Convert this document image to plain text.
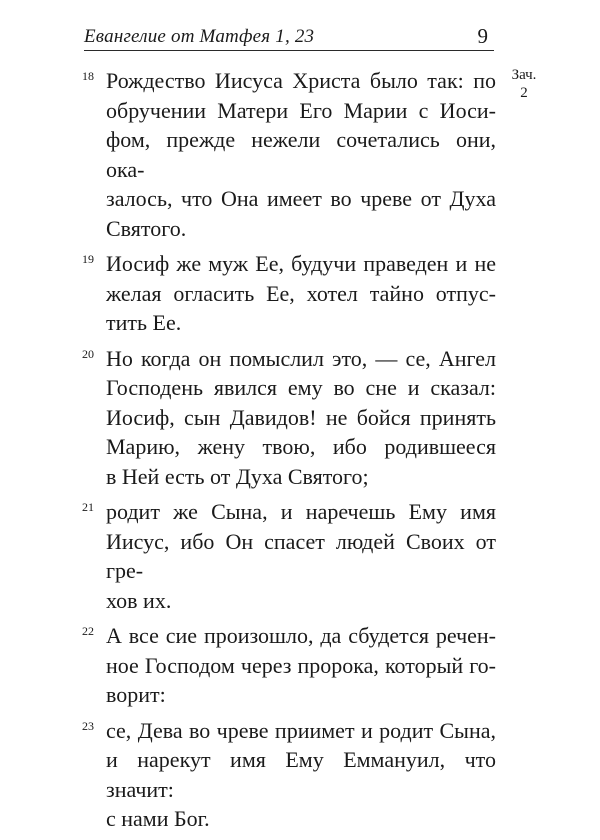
Евангелие от Матфея 1, 23	9
Зач.
2
18 Рождество Иисуса Христа было так: по
обручении Матери Его Марии с Иоси-
фом, прежде нежели сочетались они, ока-
залось, что Она имеет во чреве от Духа
Святого.
19 Иосиф же муж Ее, будучи праведен и не
желая огласить Ее, хотел тайно отпус-
тить Ее.
20 Но когда он помыслил это, — се, Ангел
Господень явился ему во сне и сказал:
Иосиф, сын Давидов! не бойся принять
Марию, жену твою, ибо родившееся
в Ней есть от Духа Святого;
21 родит же Сына, и наречешь Ему имя
Иисус, ибо Он спасет людей Своих от гре-
хов их.
22 А все сие произошло, да сбудется речен-
ное Господом через пророка, который го-
ворит:
23 се, Дева во чреве приимет и родит Сына,
и нарекут имя Ему Еммануил, что значит:
с нами Бог.
